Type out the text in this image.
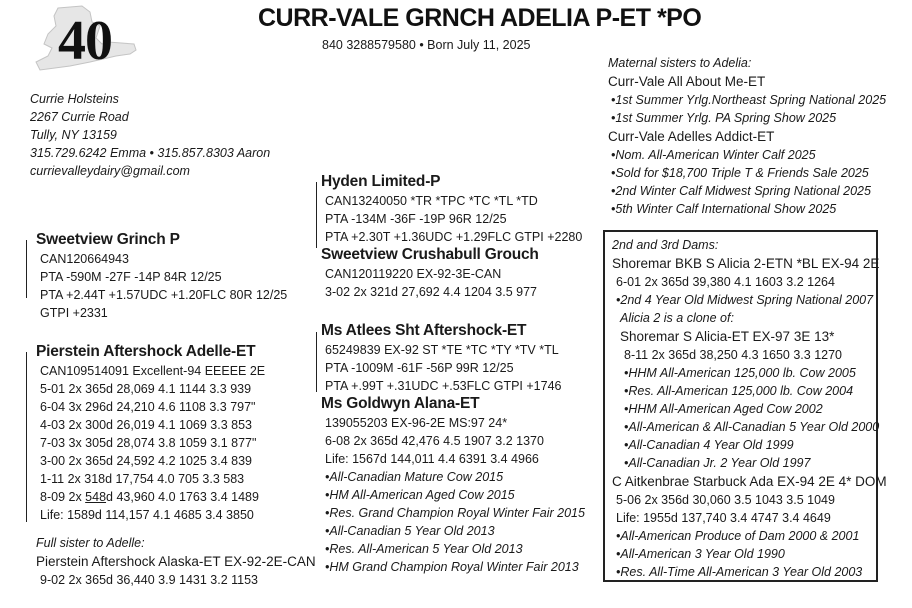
40	CURR-VALE GRNCH ADELIA P-ET *PO
840 3288579580 • Born July 11, 2025
Currie Holsteins
2267 Currie Road
Tully, NY 13159
315.729.6242 Emma • 315.857.8303 Aaron
currievalleydairy@gmail.com
Maternal sisters to Adelia:
Curr-Vale All About Me-ET
•1st Summer Yrlg.Northeast Spring National 2025
•1st Summer Yrlg. PA Spring Show 2025
Curr-Vale Adelles Addict-ET
•Nom. All-American Winter Calf 2025
•Sold for $18,700 Triple T & Friends Sale 2025
•2nd Winter Calf Midwest Spring National 2025
•5th Winter Calf International Show 2025
Sweetview Grinch P
CAN120664943
PTA -590M -27F -14P 84R 12/25
PTA +2.44T +1.57UDC +1.20FLC 80R 12/25
GTPI +2331
Pierstein Aftershock Adelle-ET
CAN109514091 Excellent-94 EEEEE 2E
5-01 2x 365d 28,069 4.1 1144 3.3 939
6-04 3x 296d 24,210 4.6 1108 3.3 797"
4-03 2x 300d 26,019 4.1 1069 3.3 853
7-03 3x 305d 28,074 3.8 1059 3.1 877"
3-00 2x 365d 24,592 4.2 1025 3.4 839
1-11 2x 318d 17,754 4.0 705 3.3 583
8-09 2x 548d 43,960 4.0 1763 3.4 1489
Life: 1589d 114,157 4.1 4685 3.4 3850
Full sister to Adelle:
Pierstein Aftershock Alaska-ET EX-92-2E-CAN
9-02 2x 365d 36,440 3.9 1431 3.2 1153
Hyden Limited-P
CAN13240050 *TR *TPC *TC *TL *TD
PTA -134M -36F -19P 96R 12/25
PTA +2.30T +1.36UDC +1.29FLC GTPI +2280
Sweetview Crushabull Grouch
CAN120119220 EX-92-3E-CAN
3-02 2x 321d 27,692 4.4 1204 3.5 977
Ms Atlees Sht Aftershock-ET
65249839 EX-92 ST *TE *TC *TY *TV *TL
PTA -1009M -61F -56P 99R 12/25
PTA +.99T +.31UDC +.53FLC GTPI +1746
Ms Goldwyn Alana-ET
139055203 EX-96-2E MS:97 24*
6-08 2x 365d 42,476 4.5 1907 3.2 1370
Life: 1567d 144,011 4.4 6391 3.4 4966
•All-Canadian Mature Cow 2015
•HM All-American Aged Cow 2015
•Res. Grand Champion Royal Winter Fair 2015
•All-Canadian 5 Year Old 2013
•Res. All-American 5 Year Old 2013
•HM Grand Champion Royal Winter Fair 2013
2nd and 3rd Dams:
Shoremar BKB S Alicia 2-ETN *BL EX-94 2E
6-01 2x 365d 39,380 4.1 1603 3.2 1264
•2nd 4 Year Old Midwest Spring National 2007
Alicia 2 is a clone of:
Shoremar S Alicia-ET EX-97 3E 13*
8-11 2x 365d 38,250 4.3 1650 3.3 1270
•HHM All-American 125,000 lb. Cow 2005
•Res. All-American 125,000 lb. Cow 2004
•HHM All-American Aged Cow 2002
•All-American & All-Canadian 5 Year Old 2000
•All-Canadian 4 Year Old 1999
•All-Canadian Jr. 2 Year Old 1997
C Aitkenbrae Starbuck Ada EX-94 2E 4* DOM
5-06 2x 356d 30,060 3.5 1043 3.5 1049
Life: 1955d 137,740 3.4 4747 3.4 4649
•All-American Produce of Dam 2000 & 2001
•All-American 3 Year Old 1990
•Res. All-Time All-American 3 Year Old 2003
